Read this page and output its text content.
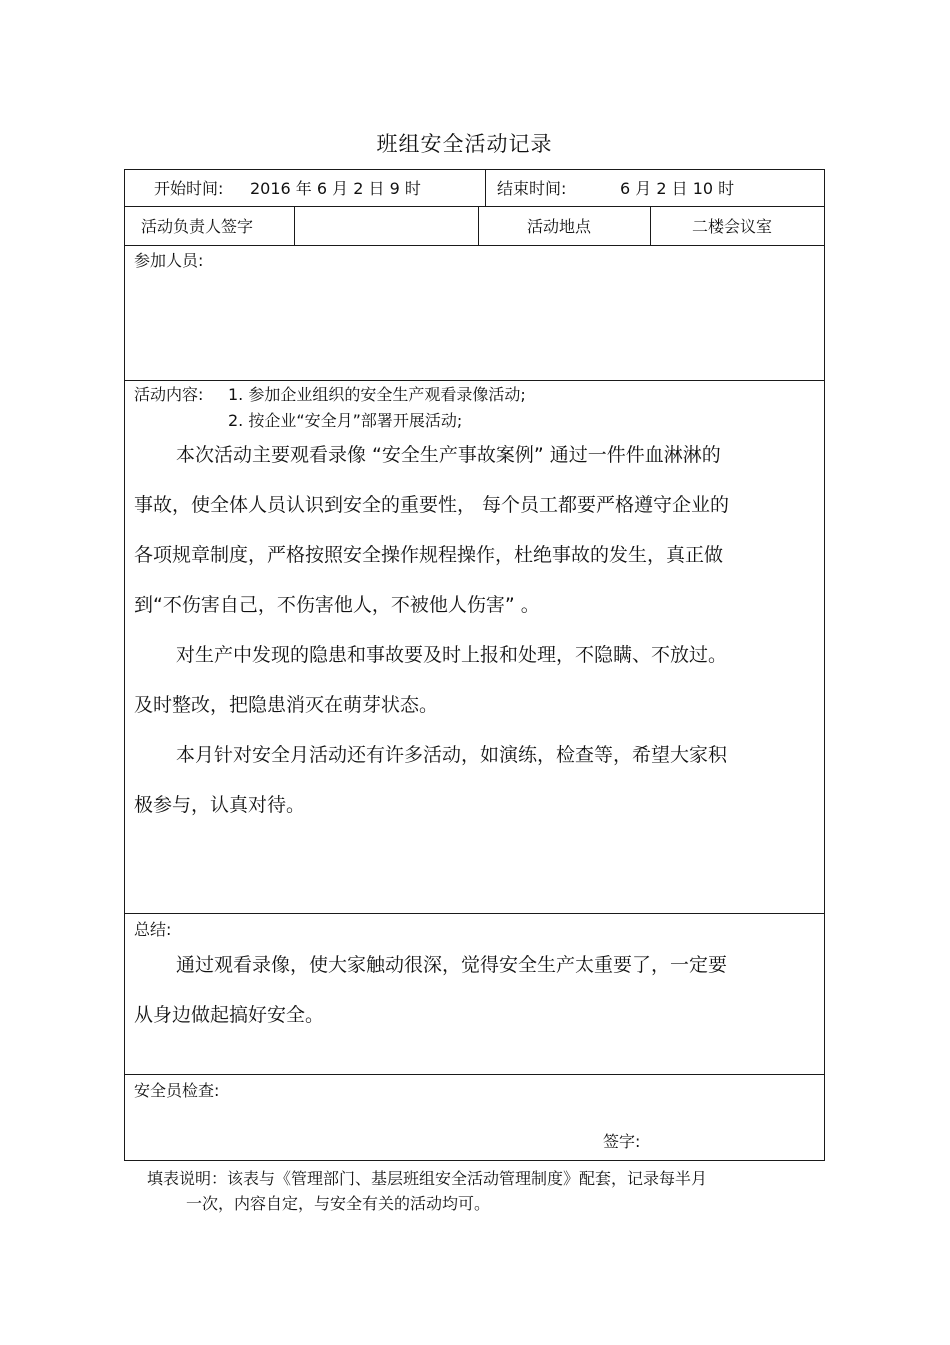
班组安全活动记录
开始时间: 2016 年 6 月 2 日 9 时	结束时间:	6 月 2 日 10 时
活动负责人签字	活动地点	二楼会议室
参加人员:
活动内容: 1. 参加企业组织的安全生产观看录像活动;
2. 按企业“安全月”部署开展活动;
本次活动主要观看录像 “安全生产事故案例” 通过一件件血淋淋的
事故，使全体人员认识到安全的重要性， 每个员工都要严格遵守企业的
各项规章制度，严格按照安全操作规程操作，杜绝事故的发生，真正做
到“不伤害自己，不伤害他人，不被他人伤害” 。
对生产中发现的隐患和事故要及时上报和处理，不隐瞒、不放过。
及时整改，把隐患消灭在萌芽状态。
本月针对安全月活动还有许多活动，如演练，检查等，希望大家积
极参与，认真对待。
总结:
通过观看录像，使大家触动很深，觉得安全生产太重要了，一定要
从身边做起搞好安全。
安全员检查:
签字:
填表说明：该表与《管理部门、基层班组安全活动管理制度》配套，记录每半月
一次，内容自定，与安全有关的活动均可。
